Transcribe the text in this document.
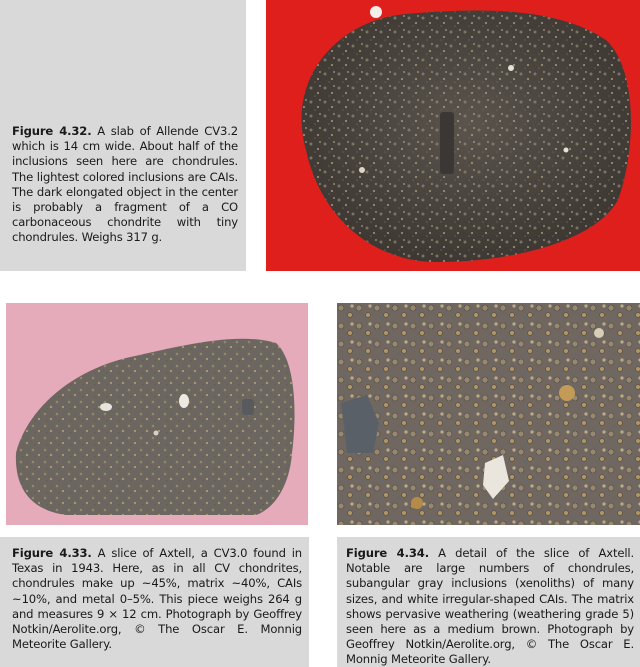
Figure 4.32. A slab of Allende CV3.2 which is 14 cm wide. About half of the inclusions seen here are chondrules. The lightest colored inclusions are CAIs. The dark elongated object in the center is probably a fragment of a CO carbonaceous chondrite with tiny chondrules. Weighs 317 g.
Figure 4.33. A slice of Axtell, a CV3.0 found in Texas in 1943. Here, as in all CV chondrites, chondrules make up ~45%, matrix ~40%, CAIs ~10%, and metal 0–5%. This piece weighs 264 g and measures 9 × 12 cm. Photograph by Geoffrey Notkin/Aerolite.org, © The Oscar E. Monnig Meteorite Gallery.
Figure 4.34. A detail of the slice of Axtell. Notable are large numbers of chondrules, subangular gray inclusions (xenoliths) of many sizes, and white irregular-shaped CAIs. The matrix shows pervasive weathering (weathering grade 5) seen here as a medium brown. Photograph by Geoffrey Notkin/Aerolite.org, © The Oscar E. Monnig Meteorite Gallery.
